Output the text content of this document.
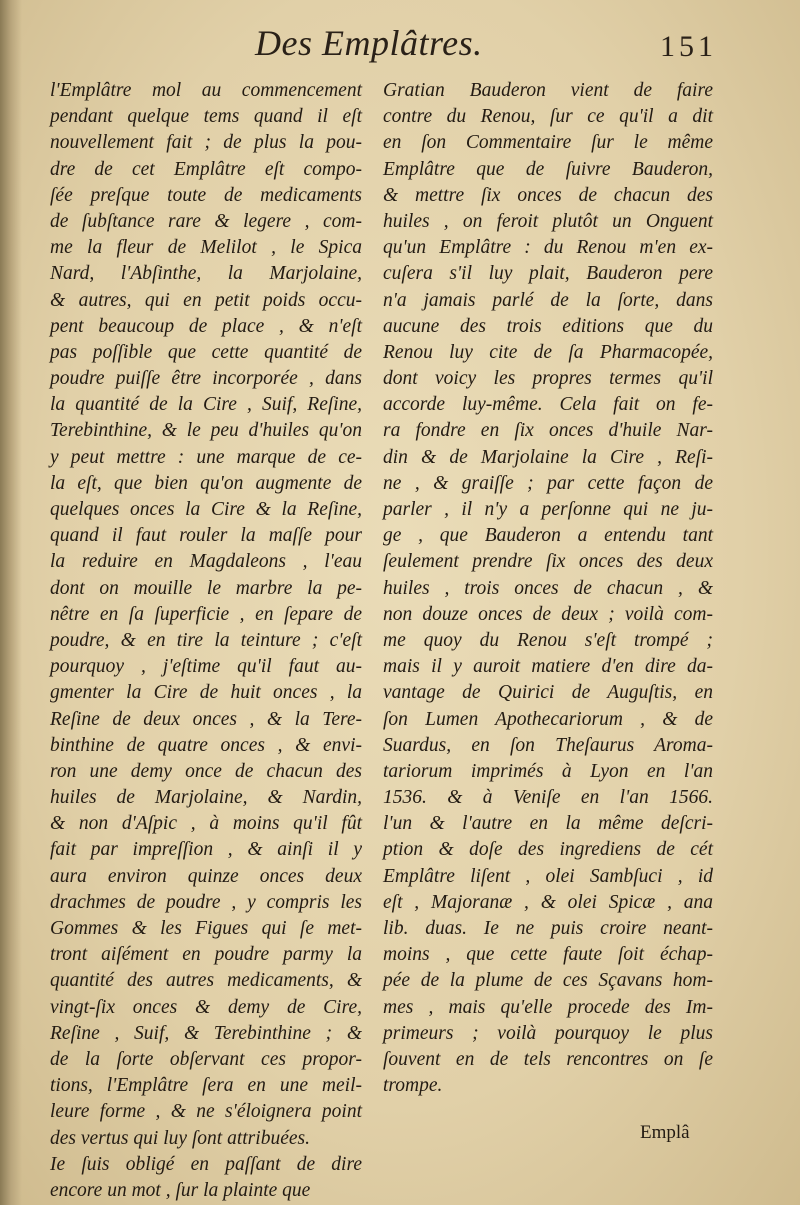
Des Emplâtres.	151
l'Emplâtre mol au commencement
pendant quelque tems quand il eſt
nouvellement fait ; de plus la pou-
dre de cet Emplâtre eſt compo-
ſée preſque toute de medicaments
de ſubſtance rare & legere , com-
me la fleur de Melilot , le Spica
Nard, l'Abſinthe, la Marjolaine,
& autres, qui en petit poids occu-
pent beaucoup de place , & n'eſt
pas poſſible que cette quantité de
poudre puiſſe être incorporée , dans
la quantité de la Cire , Suif, Reſine,
Terebinthine, & le peu d'huiles qu'on
y peut mettre : une marque de ce-
la eſt, que bien qu'on augmente de
quelques onces la Cire & la Reſine,
quand il faut rouler la maſſe pour
la reduire en Magdaleons , l'eau
dont on mouille le marbre la pe-
nêtre en ſa ſuperficie , en ſepare de
poudre, & en tire la teinture ; c'eſt
pourquoy , j'eſtime qu'il faut au-
gmenter la Cire de huit onces , la
Reſine de deux onces , & la Tere-
binthine de quatre onces , & envi-
ron une demy once de chacun des
huiles de Marjolaine, & Nardin,
& non d'Aſpic , à moins qu'il fût
fait par impreſſion , & ainſi il y
aura environ quinze onces deux
drachmes de poudre , y compris les
Gommes & les Figues qui ſe met-
tront aiſément en poudre parmy la
quantité des autres medicaments, &
vingt-ſix onces & demy de Cire,
Reſine , Suif, & Terebinthine ; &
de la ſorte obſervant ces propor-
tions, l'Emplâtre ſera en une meil-
leure forme , & ne s'éloignera point
des vertus qui luy ſont attribuées.
Ie ſuis obligé en paſſant de dire
encore un mot , ſur la plainte que
Gratian Bauderon vient de faire
contre du Renou, ſur ce qu'il a dit
en ſon Commentaire ſur le même
Emplâtre que de ſuivre Bauderon,
& mettre ſix onces de chacun des
huiles , on feroit plutôt un Onguent
qu'un Emplâtre : du Renou m'en ex-
cuſera s'il luy plait, Bauderon pere
n'a jamais parlé de la ſorte, dans
aucune des trois editions que du
Renou luy cite de ſa Pharmacopée,
dont voicy les propres termes qu'il
accorde luy-même. Cela fait on fe-
ra fondre en ſix onces d'huile Nar-
din & de Marjolaine la Cire , Reſi-
ne , & graiſſe ; par cette façon de
parler , il n'y a perſonne qui ne ju-
ge , que Bauderon a entendu tant
ſeulement prendre ſix onces des deux
huiles , trois onces de chacun , &
non douze onces de deux ; voilà com-
me quoy du Renou s'eſt trompé ;
mais il y auroit matiere d'en dire da-
vantage de Quirici de Auguſtis, en
ſon Lumen Apothecariorum , & de
Suardus, en ſon Theſaurus Aroma-
tariorum imprimés à Lyon en l'an
1536. & à Veniſe en l'an 1566.
l'un & l'autre en la même deſcri-
ption & doſe des ingrediens de cét
Emplâtre liſent , olei Sambſuci , id
eſt , Majoranæ , & olei Spicæ , ana
lib. duas. Ie ne puis croire neant-
moins , que cette faute ſoit échap-
pée de la plume de ces Sçavans hom-
mes , mais qu'elle procede des Im-
primeurs ; voilà pourquoy le plus
ſouvent en de tels rencontres on ſe
trompe.
Emplâ
